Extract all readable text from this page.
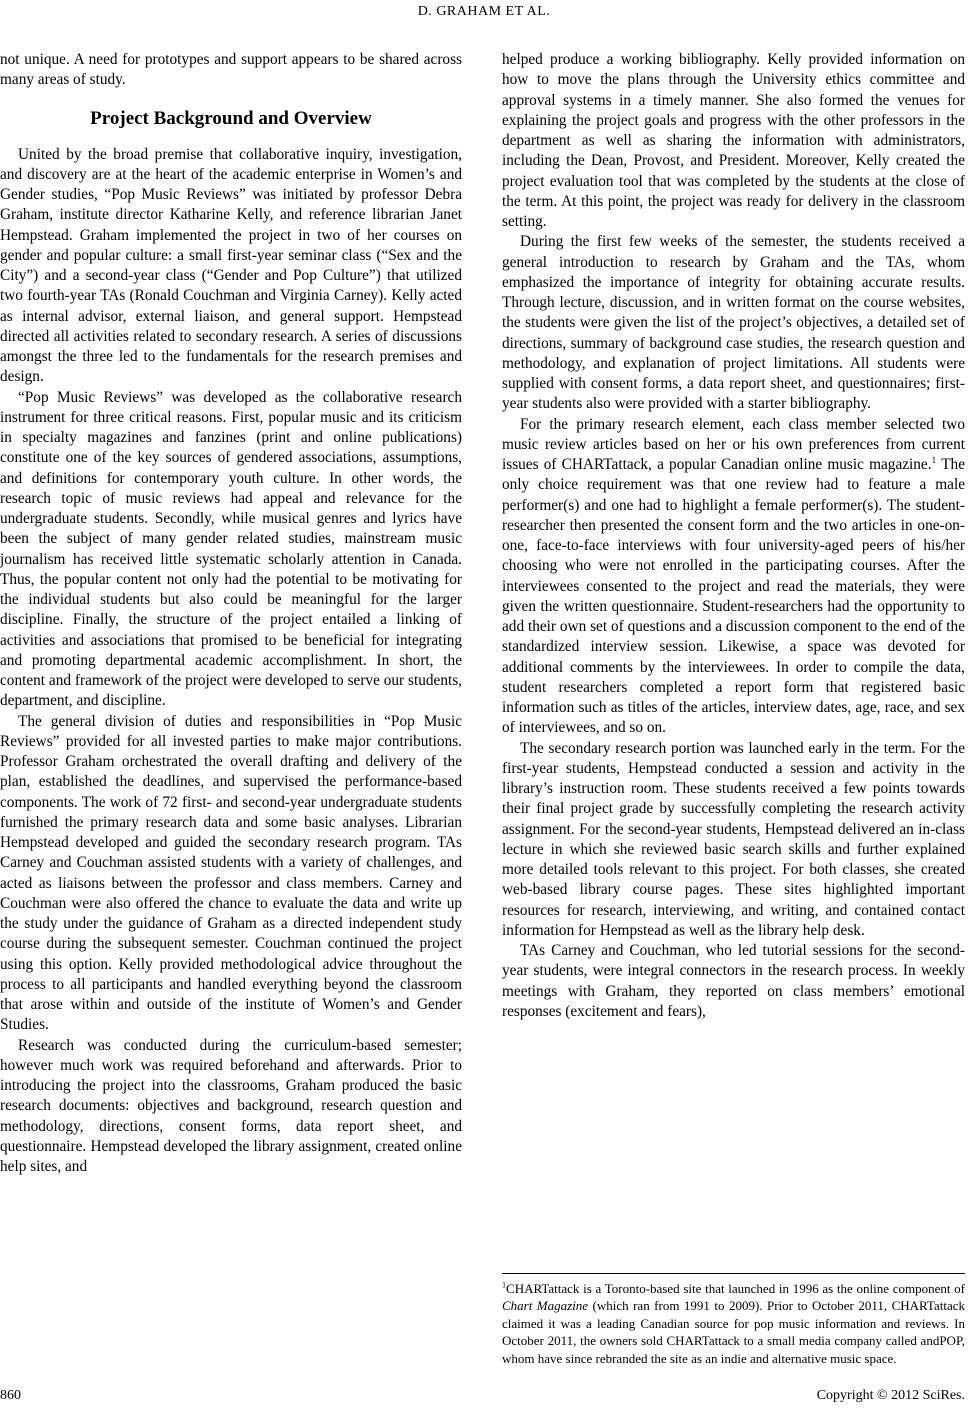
D. GRAHAM ET AL.

not unique. A need for prototypes and support appears to be shared across many areas of study.

Project Background and Overview

United by the broad premise that collaborative inquiry, investigation, and discovery are at the heart of the academic enterprise in Women’s and Gender studies, “Pop Music Reviews” was initiated by professor Debra Graham, institute director Katharine Kelly, and reference librarian Janet Hempstead. Graham implemented the project in two of her courses on gender and popular culture: a small first-year seminar class (“Sex and the City”) and a second-year class (“Gender and Pop Culture”) that utilized two fourth-year TAs (Ronald Couchman and Virginia Carney). Kelly acted as internal advisor, external liaison, and general support. Hempstead directed all activities related to secondary research. A series of discussions amongst the three led to the fundamentals for the research premises and design.

“Pop Music Reviews” was developed as the collaborative research instrument for three critical reasons. First, popular music and its criticism in specialty magazines and fanzines (print and online publications) constitute one of the key sources of gendered associations, assumptions, and definitions for contemporary youth culture. In other words, the research topic of music reviews had appeal and relevance for the undergraduate students. Secondly, while musical genres and lyrics have been the subject of many gender related studies, mainstream music journalism has received little systematic scholarly attention in Canada. Thus, the popular content not only had the potential to be motivating for the individual students but also could be meaningful for the larger discipline. Finally, the structure of the project entailed a linking of activities and associations that promised to be beneficial for integrating and promoting departmental academic accomplishment. In short, the content and framework of the project were developed to serve our students, department, and discipline.

The general division of duties and responsibilities in “Pop Music Reviews” provided for all invested parties to make major contributions. Professor Graham orchestrated the overall drafting and delivery of the plan, established the deadlines, and supervised the performance-based components. The work of 72 first- and second-year undergraduate students furnished the primary research data and some basic analyses. Librarian Hempstead developed and guided the secondary research program. TAs Carney and Couchman assisted students with a variety of challenges, and acted as liaisons between the professor and class members. Carney and Couchman were also offered the chance to evaluate the data and write up the study under the guidance of Graham as a directed independent study course during the subsequent semester. Couchman continued the project using this option. Kelly provided methodological advice throughout the process to all participants and handled everything beyond the classroom that arose within and outside of the institute of Women’s and Gender Studies.

Research was conducted during the curriculum-based semester; however much work was required beforehand and afterwards. Prior to introducing the project into the classrooms, Graham produced the basic research documents: objectives and background, research question and methodology, directions, consent forms, data report sheet, and questionnaire. Hempstead developed the library assignment, created online help sites, and

helped produce a working bibliography. Kelly provided information on how to move the plans through the University ethics committee and approval systems in a timely manner. She also formed the venues for explaining the project goals and progress with the other professors in the department as well as sharing the information with administrators, including the Dean, Provost, and President. Moreover, Kelly created the project evaluation tool that was completed by the students at the close of the term. At this point, the project was ready for delivery in the classroom setting.

During the first few weeks of the semester, the students received a general introduction to research by Graham and the TAs, whom emphasized the importance of integrity for obtaining accurate results. Through lecture, discussion, and in written format on the course websites, the students were given the list of the project’s objectives, a detailed set of directions, summary of background case studies, the research question and methodology, and explanation of project limitations. All students were supplied with consent forms, a data report sheet, and questionnaires; first-year students also were provided with a starter bibliography.

For the primary research element, each class member selected two music review articles based on her or his own preferences from current issues of CHARTattack, a popular Canadian online music magazine.$^1$ The only choice requirement was that one review had to feature a male performer(s) and one had to highlight a female performer(s). The student-researcher then presented the consent form and the two articles in one-on-one, face-to-face interviews with four university-aged peers of his/her choosing who were not enrolled in the participating courses. After the interviewees consented to the project and read the materials, they were given the written questionnaire. Student-researchers had the opportunity to add their own set of questions and a discussion component to the end of the standardized interview session. Likewise, a space was devoted for additional comments by the interviewees. In order to compile the data, student researchers completed a report form that registered basic information such as titles of the articles, interview dates, age, race, and sex of interviewees, and so on.

The secondary research portion was launched early in the term. For the first-year students, Hempstead conducted a session and activity in the library’s instruction room. These students received a few points towards their final project grade by successfully completing the research activity assignment. For the second-year students, Hempstead delivered an in-class lecture in which she reviewed basic search skills and further explained more detailed tools relevant to this project. For both classes, she created web-based library course pages. These sites highlighted important resources for research, interviewing, and writing, and contained contact information for Hempstead as well as the library help desk.

TAs Carney and Couchman, who led tutorial sessions for the second-year students, were integral connectors in the research process. In weekly meetings with Graham, they reported on class members’ emotional responses (excitement and fears),

$^1$CHARTattack is a Toronto-based site that launched in 1996 as the online component of Chart Magazine (which ran from 1991 to 2009). Prior to October 2011, CHARTattack claimed it was a leading Canadian source for pop music information and reviews. In October 2011, the owners sold CHARTattack to a small media company called andPOP, whom have since rebranded the site as an indie and alternative music space.

860	Copyright © 2012 SciRes.
